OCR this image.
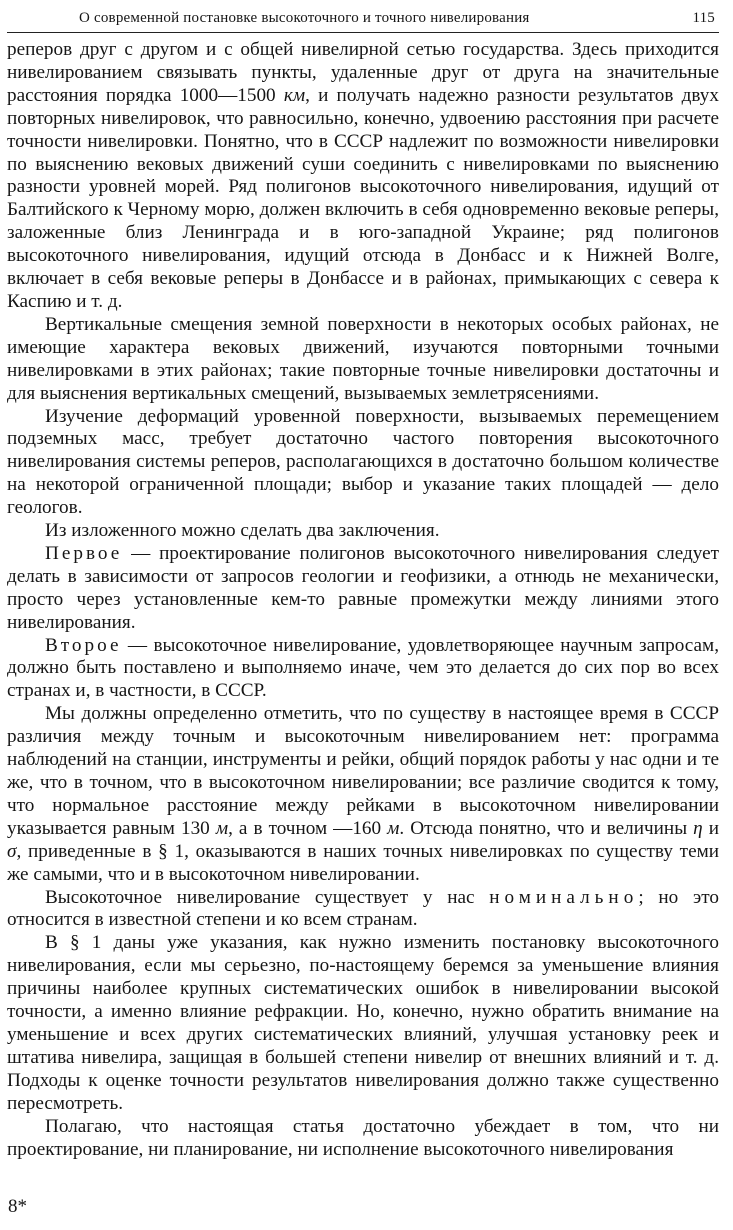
О современной постановке высокоточного и точного нивелирования	115

реперов друг с другом и с общей нивелирной сетью государства. Здесь приходится нивелированием связывать пункты, удаленные друг от друга на значительные расстояния порядка 1000—1500 км, и получать надежно разности результатов двух повторных нивелировок, что равносильно, конечно, удвоению расстояния при расчете точности нивелировки. Понятно, что в СССР надлежит по возможности нивелировки по выяснению вековых движений суши соединить с нивелировками по выяснению разности уровней морей. Ряд полигонов высокоточного нивелирования, идущий от Балтийского к Черному морю, должен включить в себя одновременно вековые реперы, заложенные близ Ленинграда и в юго-западной Украине; ряд полигонов высокоточного нивелирования, идущий отсюда в Донбасс и к Нижней Волге, включает в себя вековые реперы в Донбассе и в районах, примыкающих с севера к Каспию и т. д.

Вертикальные смещения земной поверхности в некоторых особых районах, не имеющие характера вековых движений, изучаются повторными точными нивелировками в этих районах; такие повторные точные нивелировки достаточны и для выяснения вертикальных смещений, вызываемых землетрясениями.

Изучение деформаций уровенной поверхности, вызываемых перемещением подземных масс, требует достаточно частого повторения высокоточного нивелирования системы реперов, располагающихся в достаточно большом количестве на некоторой ограниченной площади; выбор и указание таких площадей — дело геологов.

Из изложенного можно сделать два заключения.

Первое — проектирование полигонов высокоточного нивелирования следует делать в зависимости от запросов геологии и геофизики, а отнюдь не механически, просто через установленные кем-то равные промежутки между линиями этого нивелирования.

Второе — высокоточное нивелирование, удовлетворяющее научным запросам, должно быть поставлено и выполняемо иначе, чем это делается до сих пор во всех странах и, в частности, в СССР.

Мы должны определенно отметить, что по существу в настоящее время в СССР различия между точным и высокоточным нивелированием нет: программа наблюдений на станции, инструменты и рейки, общий порядок работы у нас одни и те же, что в точном, что в высокоточном нивелировании; все различие сводится к тому, что нормальное расстояние между рейками в высокоточном нивелировании указывается равным 130 м, а в точном —160 м. Отсюда понятно, что и величины η и σ, приведенные в § 1, оказываются в наших точных нивелировках по существу теми же самыми, что и в высокоточном нивелировании.

Высокоточное нивелирование существует у нас номинально; но это относится в известной степени и ко всем странам.

В § 1 даны уже указания, как нужно изменить постановку высокоточного нивелирования, если мы серьезно, по-настоящему беремся за уменьшение влияния причины наиболее крупных систематических ошибок в нивелировании высокой точности, а именно влияние рефракции. Но, конечно, нужно обратить внимание на уменьшение и всех других систематических влияний, улучшая установку реек и штатива нивелира, защищая в большей степени нивелир от внешних влияний и т. д. Подходы к оценке точности результатов нивелирования должно также существенно пересмотреть.

Полагаю, что настоящая статья достаточно убеждает в том, что ни проектирование, ни планирование, ни исполнение высокоточного нивелирования

8*
